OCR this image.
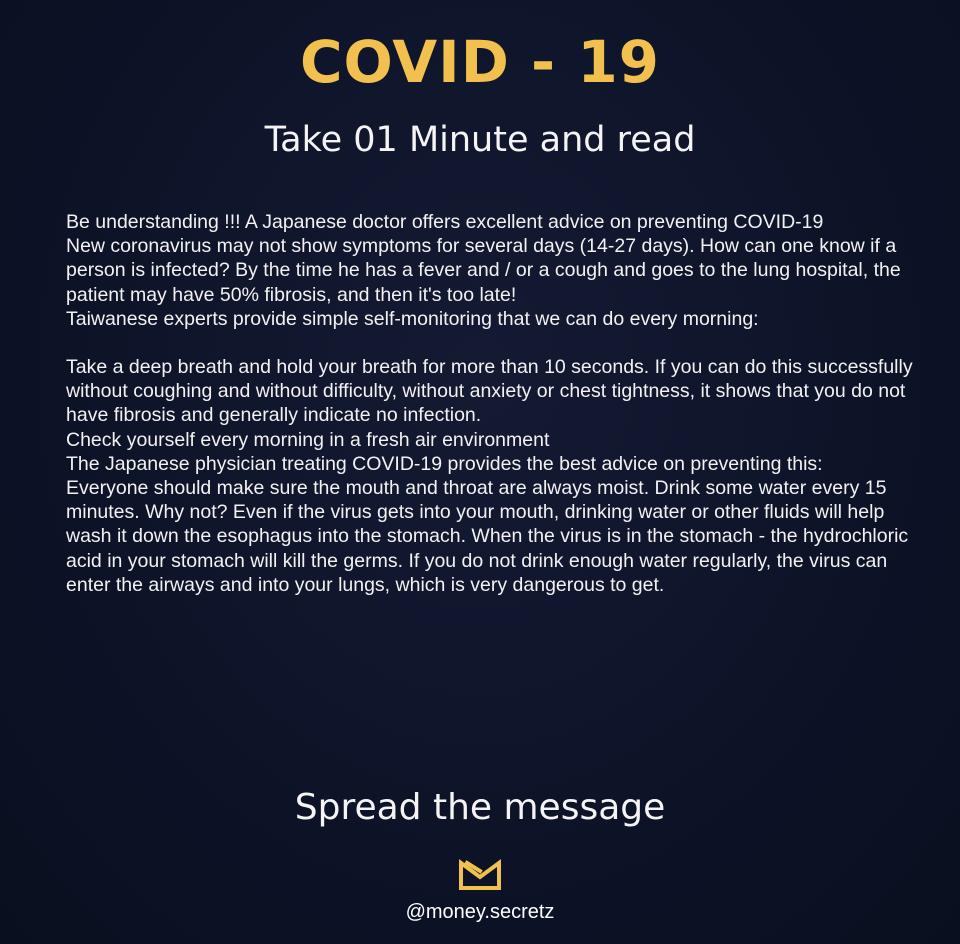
COVID - 19
Take 01 Minute and read
Be understanding !!! A Japanese doctor offers excellent advice on preventing COVID-19
New coronavirus may not show symptoms for several days (14-27 days). How can one know if a person is infected? By the time he has a fever and / or a cough and goes to the lung hospital, the patient may have 50% fibrosis, and then it's too late!
Taiwanese experts provide simple self-monitoring that we can do every morning:
Take a deep breath and hold your breath for more than 10 seconds. If you can do this successfully without coughing and without difficulty, without anxiety or chest tightness, it shows that you do not have fibrosis and generally indicate no infection.
Check yourself every morning in a fresh air environment
The Japanese physician treating COVID-19 provides the best advice on preventing this:
Everyone should make sure the mouth and throat are always moist. Drink some water every 15 minutes. Why not? Even if the virus gets into your mouth, drinking water or other fluids will help wash it down the esophagus into the stomach. When the virus is in the stomach - the hydrochloric acid in your stomach will kill the germs. If you do not drink enough water regularly, the virus can enter the airways and into your lungs, which is very dangerous to get.
Spread the message
@money.secretz
